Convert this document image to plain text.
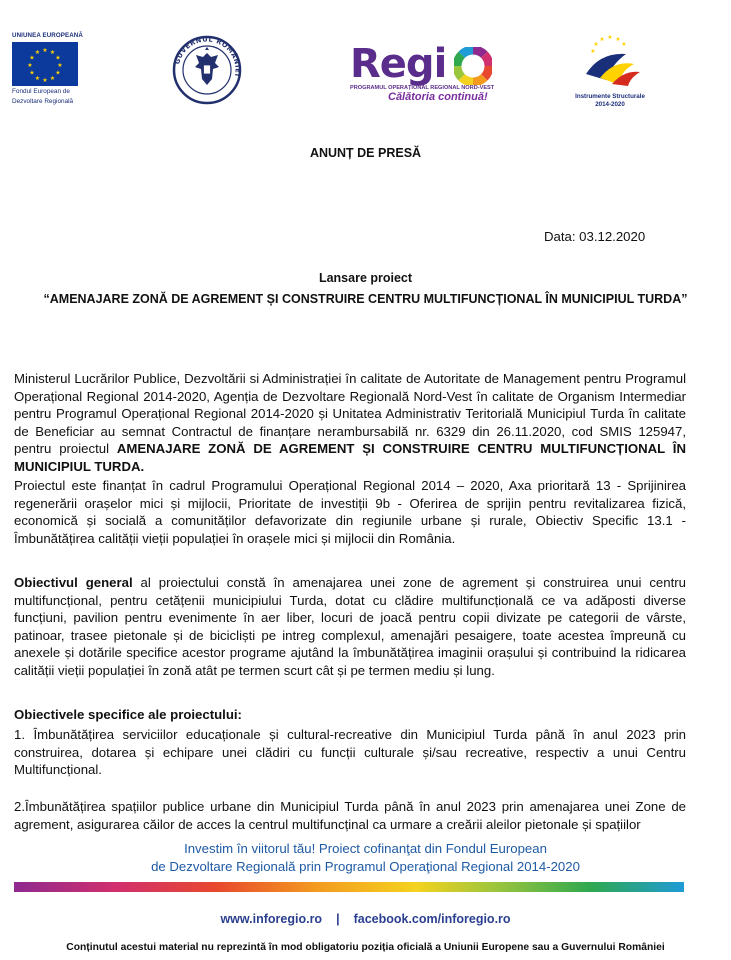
UNIUNEA EUROPEANĂ
★ ★
★
★
★
★
★
★
★
★
★
★
Fondul European de
Dezvoltare Regională
GUVERNUL ROMÂNIEI	Regi
PROGRAMUL OPERAȚIONAL REGIONAL NORD-VEST
Călătoria continuă!
★ ★
★
★
★
★
Instrumente Structurale
2014-2020
ANUNȚ DE PRESĂ
Data: 03.12.2020
Lansare proiect
“AMENAJARE ZONĂ DE AGREMENT ȘI CONSTRUIRE CENTRU MULTIFUNCȚIONAL ÎN MUNICIPIUL TURDA”

Ministerul Lucrărilor Publice, Dezvoltării si Administrației în calitate de Autoritate de Management pentru Programul Operațional Regional 2014-2020, Agenția de Dezvoltare Regională Nord-Vest în calitate de Organism Intermediar pentru Programul Operațional Regional 2014-2020 și Unitatea Administrativ Teritorială Municipiul Turda în calitate de Beneficiar au semnat Contractul de finanțare nerambursabilă nr. 6329 din 26.11.2020, cod SMIS 125947, pentru proiectul AMENAJARE ZONĂ DE AGREMENT ȘI CONSTRUIRE CENTRU MULTIFUNCȚIONAL ÎN MUNICIPIUL TURDA.

Proiectul este finanțat în cadrul Programului Operațional Regional 2014 – 2020, Axa prioritară 13 - Sprijinirea regenerării orașelor mici și mijlocii, Prioritate de investiții 9b - Oferirea de sprijin pentru revitalizarea fizică, economică și socială a comunităților defavorizate din regiunile urbane și rurale, Obiectiv Specific 13.1 - Îmbunătățirea calității vieții populației în orașele mici și mijlocii din România.

Obiectivul general al proiectului constă în amenajarea unei zone de agrement și construirea unui centru multifuncțional, pentru cetățenii municipiului Turda, dotat cu clădire multifuncțională ce va adăposti diverse funcțiuni, pavilion pentru evenimente în aer liber, locuri de joacă pentru copii divizate pe categorii de vârste, patinoar, trasee pietonale și de bicicliști pe intreg complexul, amenajări pesaigere, toate acestea împreună cu anexele și dotările specifice acestor programe ajutând la îmbunătățirea imaginii orașului și contribuind la ridicarea calității vieții populației în zonă atât pe termen scurt cât și pe termen mediu și lung.

Obiectivele specifice ale proiectului:

1. Îmbunătățirea serviciilor educaționale și cultural-recreative din Municipiul Turda până în anul 2023 prin construirea, dotarea și echipare unei clădiri cu funcții culturale și/sau recreative, respectiv a unui Centru Multifuncțional.

2.Îmbunătățirea spațiilor publice urbane din Municipiul Turda până în anul 2023 prin amenajarea unei Zone de agrement, asigurarea căilor de acces la centrul multifuncținal ca urmare a creării aleilor pietonale și spațiilor

Investim în viitorul tău! Proiect cofinanţat din Fondul European
de Dezvoltare Regională prin Programul Operaţional Regional 2014-2020
www.inforegio.ro | facebook.com/inforegio.ro
Conținutul acestui material nu reprezintă în mod obligatoriu poziția oficială a Uniunii Europene sau a Guvernului României
